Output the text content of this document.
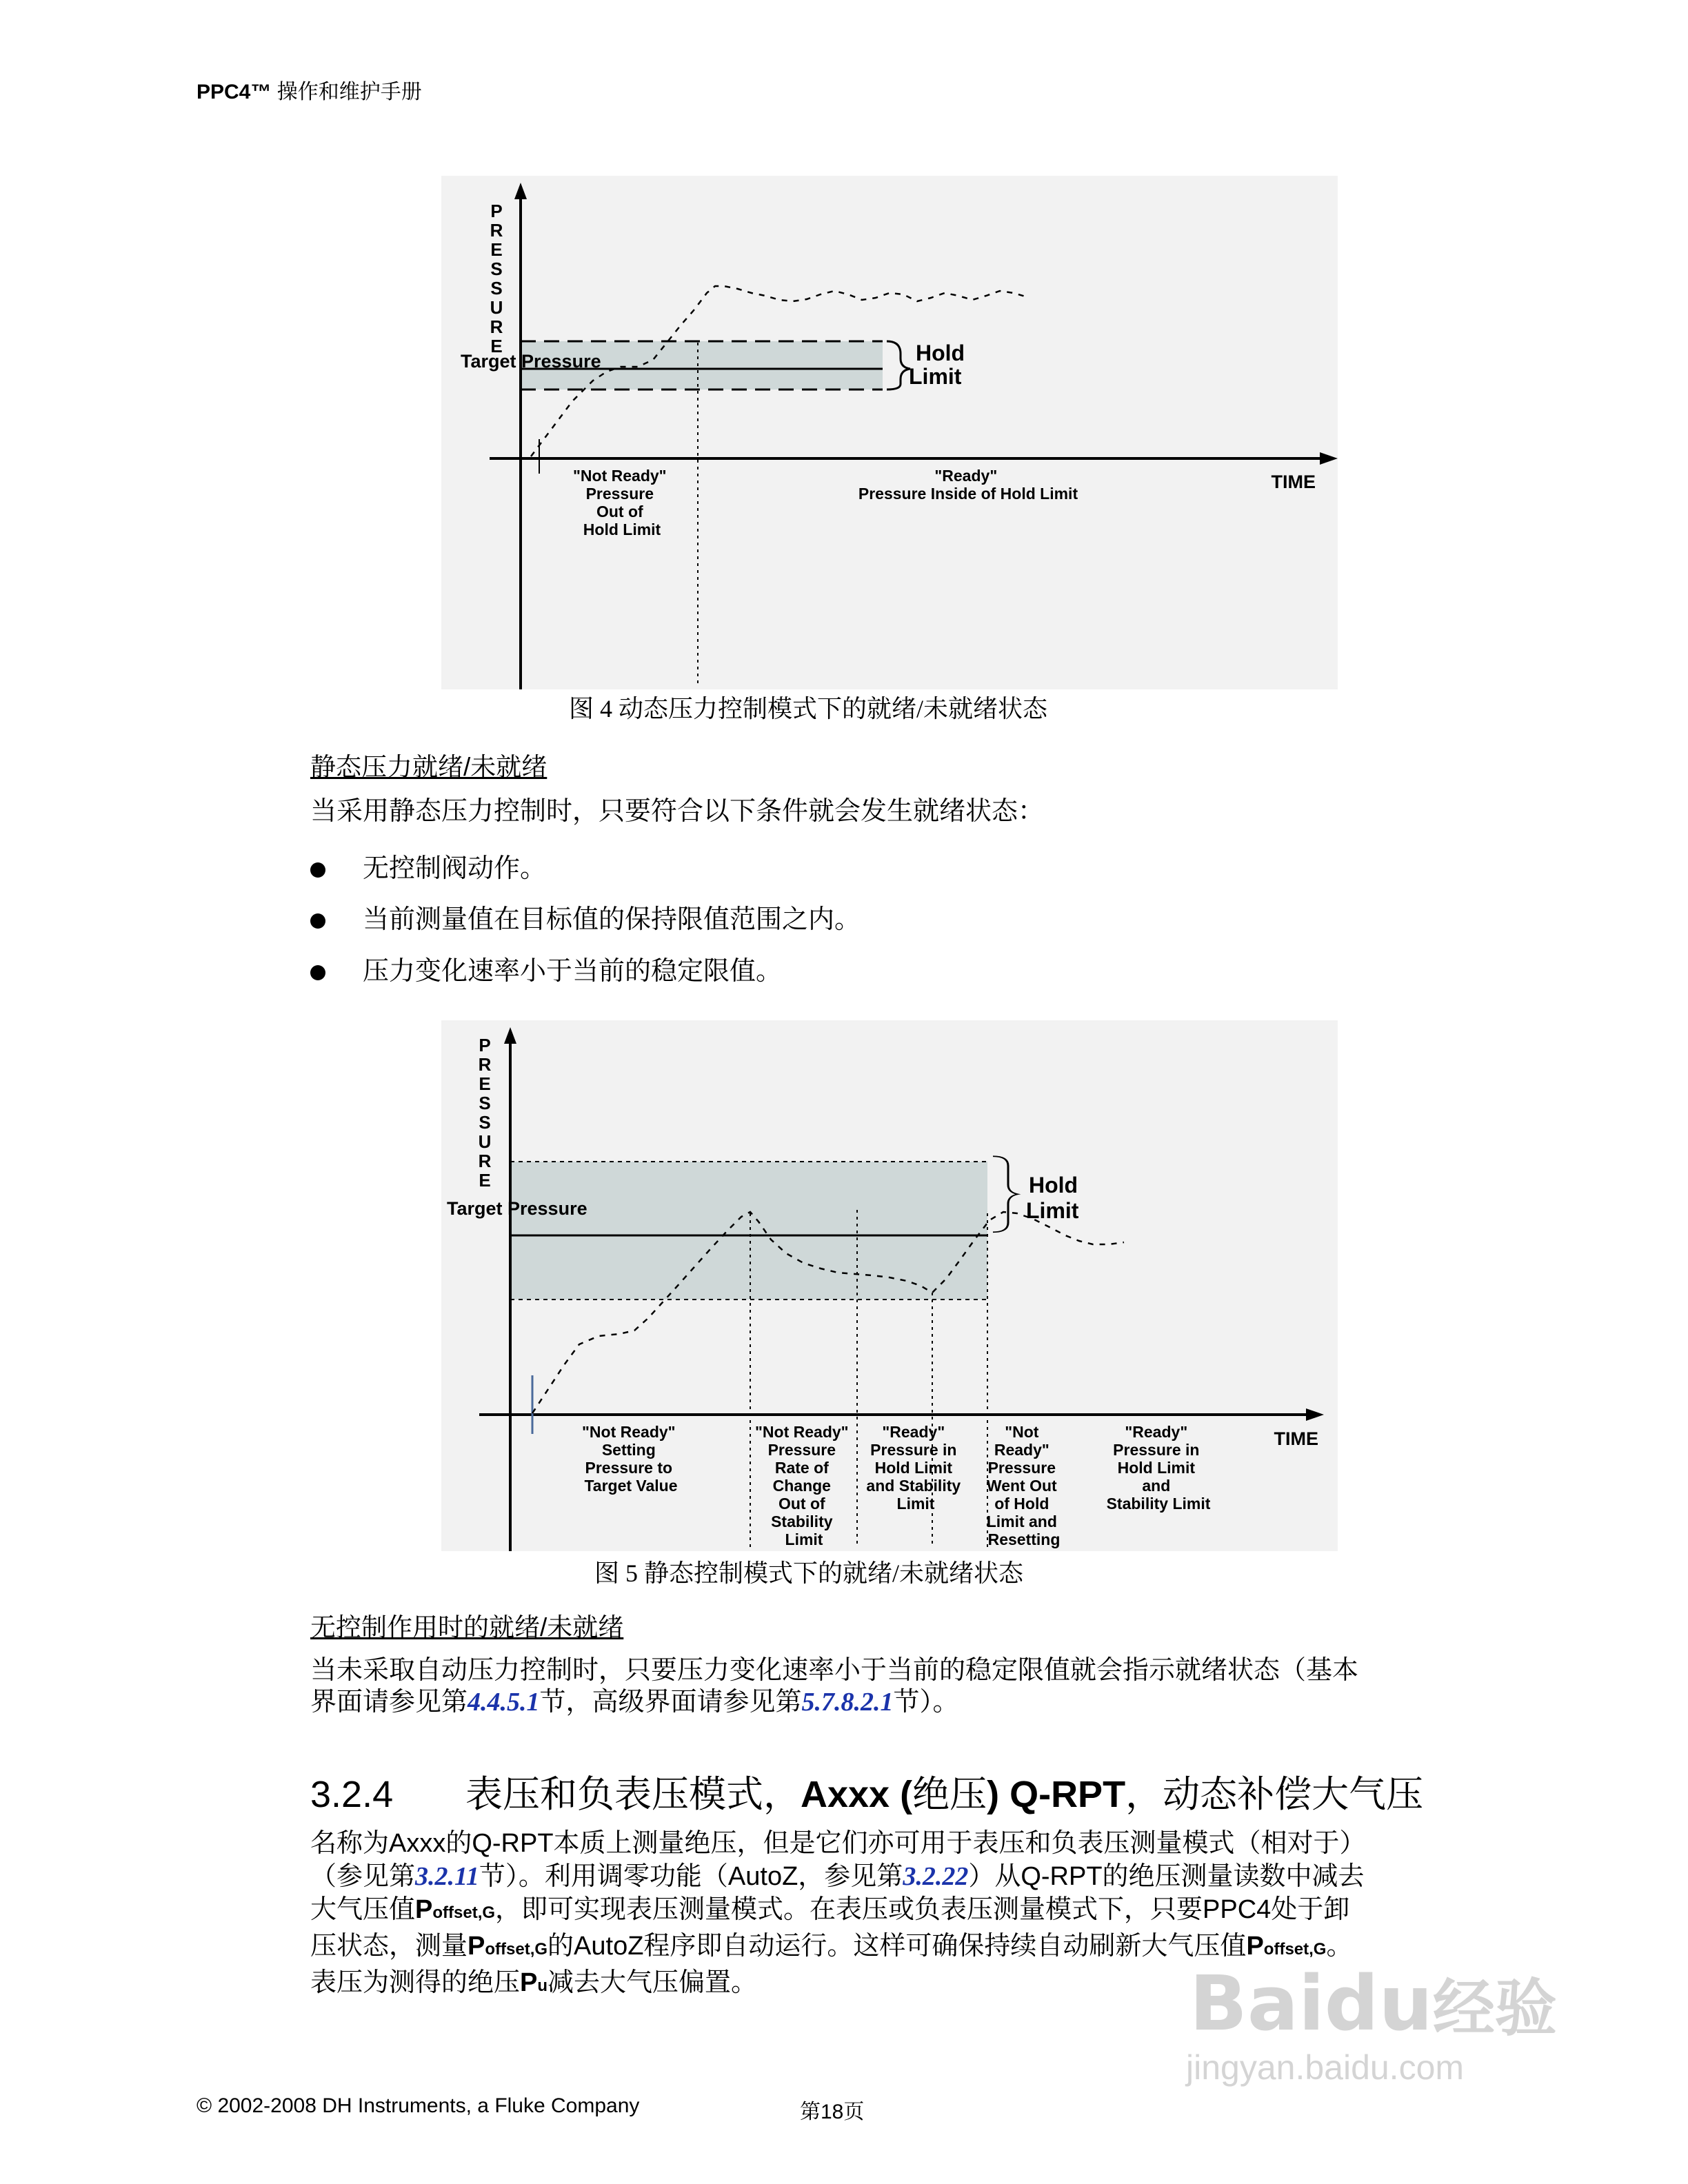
PPC4™ 操作和维护手册
P R E S S U R E
Target Pressure	Hold
Limit
TIME
"Not Ready" Pressure Out of Hold Limit
"Ready" Pressure Inside of Hold Limit
图 4 动态压力控制模式下的就绪/未就绪状态
静态压力就绪/未就绪
当采用静态压力控制时，只要符合以下条件就会发生就绪状态：
无控制阀动作。
当前测量值在目标值的保持限值范围之内。
压力变化速率小于当前的稳定限值。
P R E S S U R E
Target Pressure
Hold
Limit
TIME
"Not Ready" Setting Pressure to Target Value
"Not Ready" Pressure Rate of Change Out of Stability Limit
"Ready" Pressure in Hold Limit and Stability Limit
"Not Ready" Pressure Went Out of Hold Limit and Resetting
"Ready" Pressure in Hold Limit and Stability Limit
图 5 静态控制模式下的就绪/未就绪状态
无控制作用时的就绪/未就绪
当未采取自动压力控制时，只要压力变化速率小于当前的稳定限值就会指示就绪状态（基本
界面请参见第4.4.5.1节，高级界面请参见第5.7.8.2.1节）。
3.2.4 表压和负表压模式，Axxx (绝压) Q-RPT，动态补偿大气压
名称为Axxx的Q-RPT本质上测量绝压，但是它们亦可用于表压和负表压测量模式（相对于）
（参见第3.2.11节）。利用调零功能（AutoZ，参见第3.2.22）从Q-RPT的绝压测量读数中减去
大气压值Poffset,G，即可实现表压测量模式。在表压或负表压测量模式下，只要PPC4处于卸
压状态，测量Poffset,G的AutoZ程序即自动运行。这样可确保持续自动刷新大气压值Poffset,G。
表压为测得的绝压Pu减去大气压偏置。	Baidu经验
jingyan.baidu.com
© 2002-2008 DH Instruments, a Fluke Company	第18页
